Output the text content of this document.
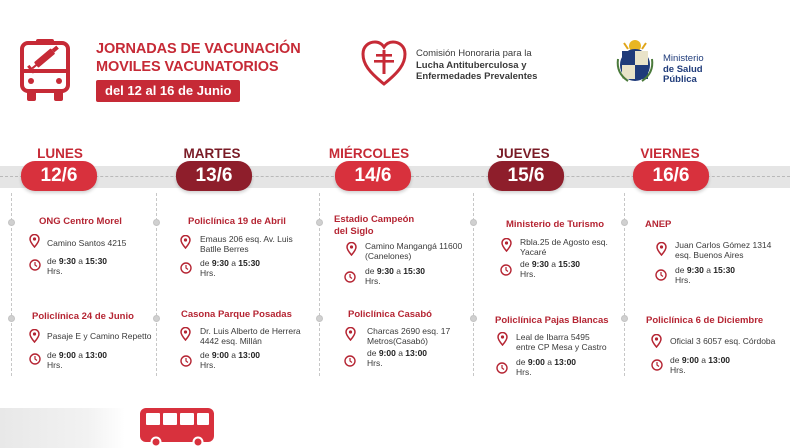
JORNADAS DE VACUNACIÓN
MOVILES VACUNATORIOS
del 12 al 16 de Junio
Comisión Honoraria para la
Lucha Antituberculosa y
Enfermedades Prevalentes
Ministerio
de Salud
Pública
LUNES	MARTES	MIÉRCOLES	JUEVES	VIERNES
12/6	13/6	14/6	15/6	16/6
ONG Centro Morel
Camino Santos 4215
de 9:30 a 15:30
Hrs.
Policlínica 24 de Junio
Pasaje E y Camino Repetto
de 9:00 a 13:00
Hrs.
Policlínica 19 de Abril
Emaus 206 esq. Av. Luis
Batlle Berres
de 9:30 a 15:30
Hrs.
Casona Parque Posadas
Dr. Luis Alberto de Herrera
4442 esq. Millán
de 9:00 a 13:00
Hrs.
Estadio Campeón
del Siglo
Camino Mangangá 11600
(Canelones)
de 9:30 a 15:30
Hrs.
Policlínica Casabó
Charcas 2690 esq. 17
Metros(Casabó)
de 9:00 a 13:00
Hrs.
Ministerio de Turismo
Rbla.25 de Agosto esq.
Yacaré
de 9:30 a 15:30
Hrs.
Policlínica Pajas Blancas
Leal de Ibarra 5495
entre CP Mesa y Castro
de 9:00 a 13:00
Hrs.
ANEP
Juan Carlos Gómez 1314
esq. Buenos Aires
de 9:30 a 15:30
Hrs.
Policlínica 6 de Diciembre
Oficial 3 6057 esq. Córdoba
de 9:00 a 13:00
Hrs.
